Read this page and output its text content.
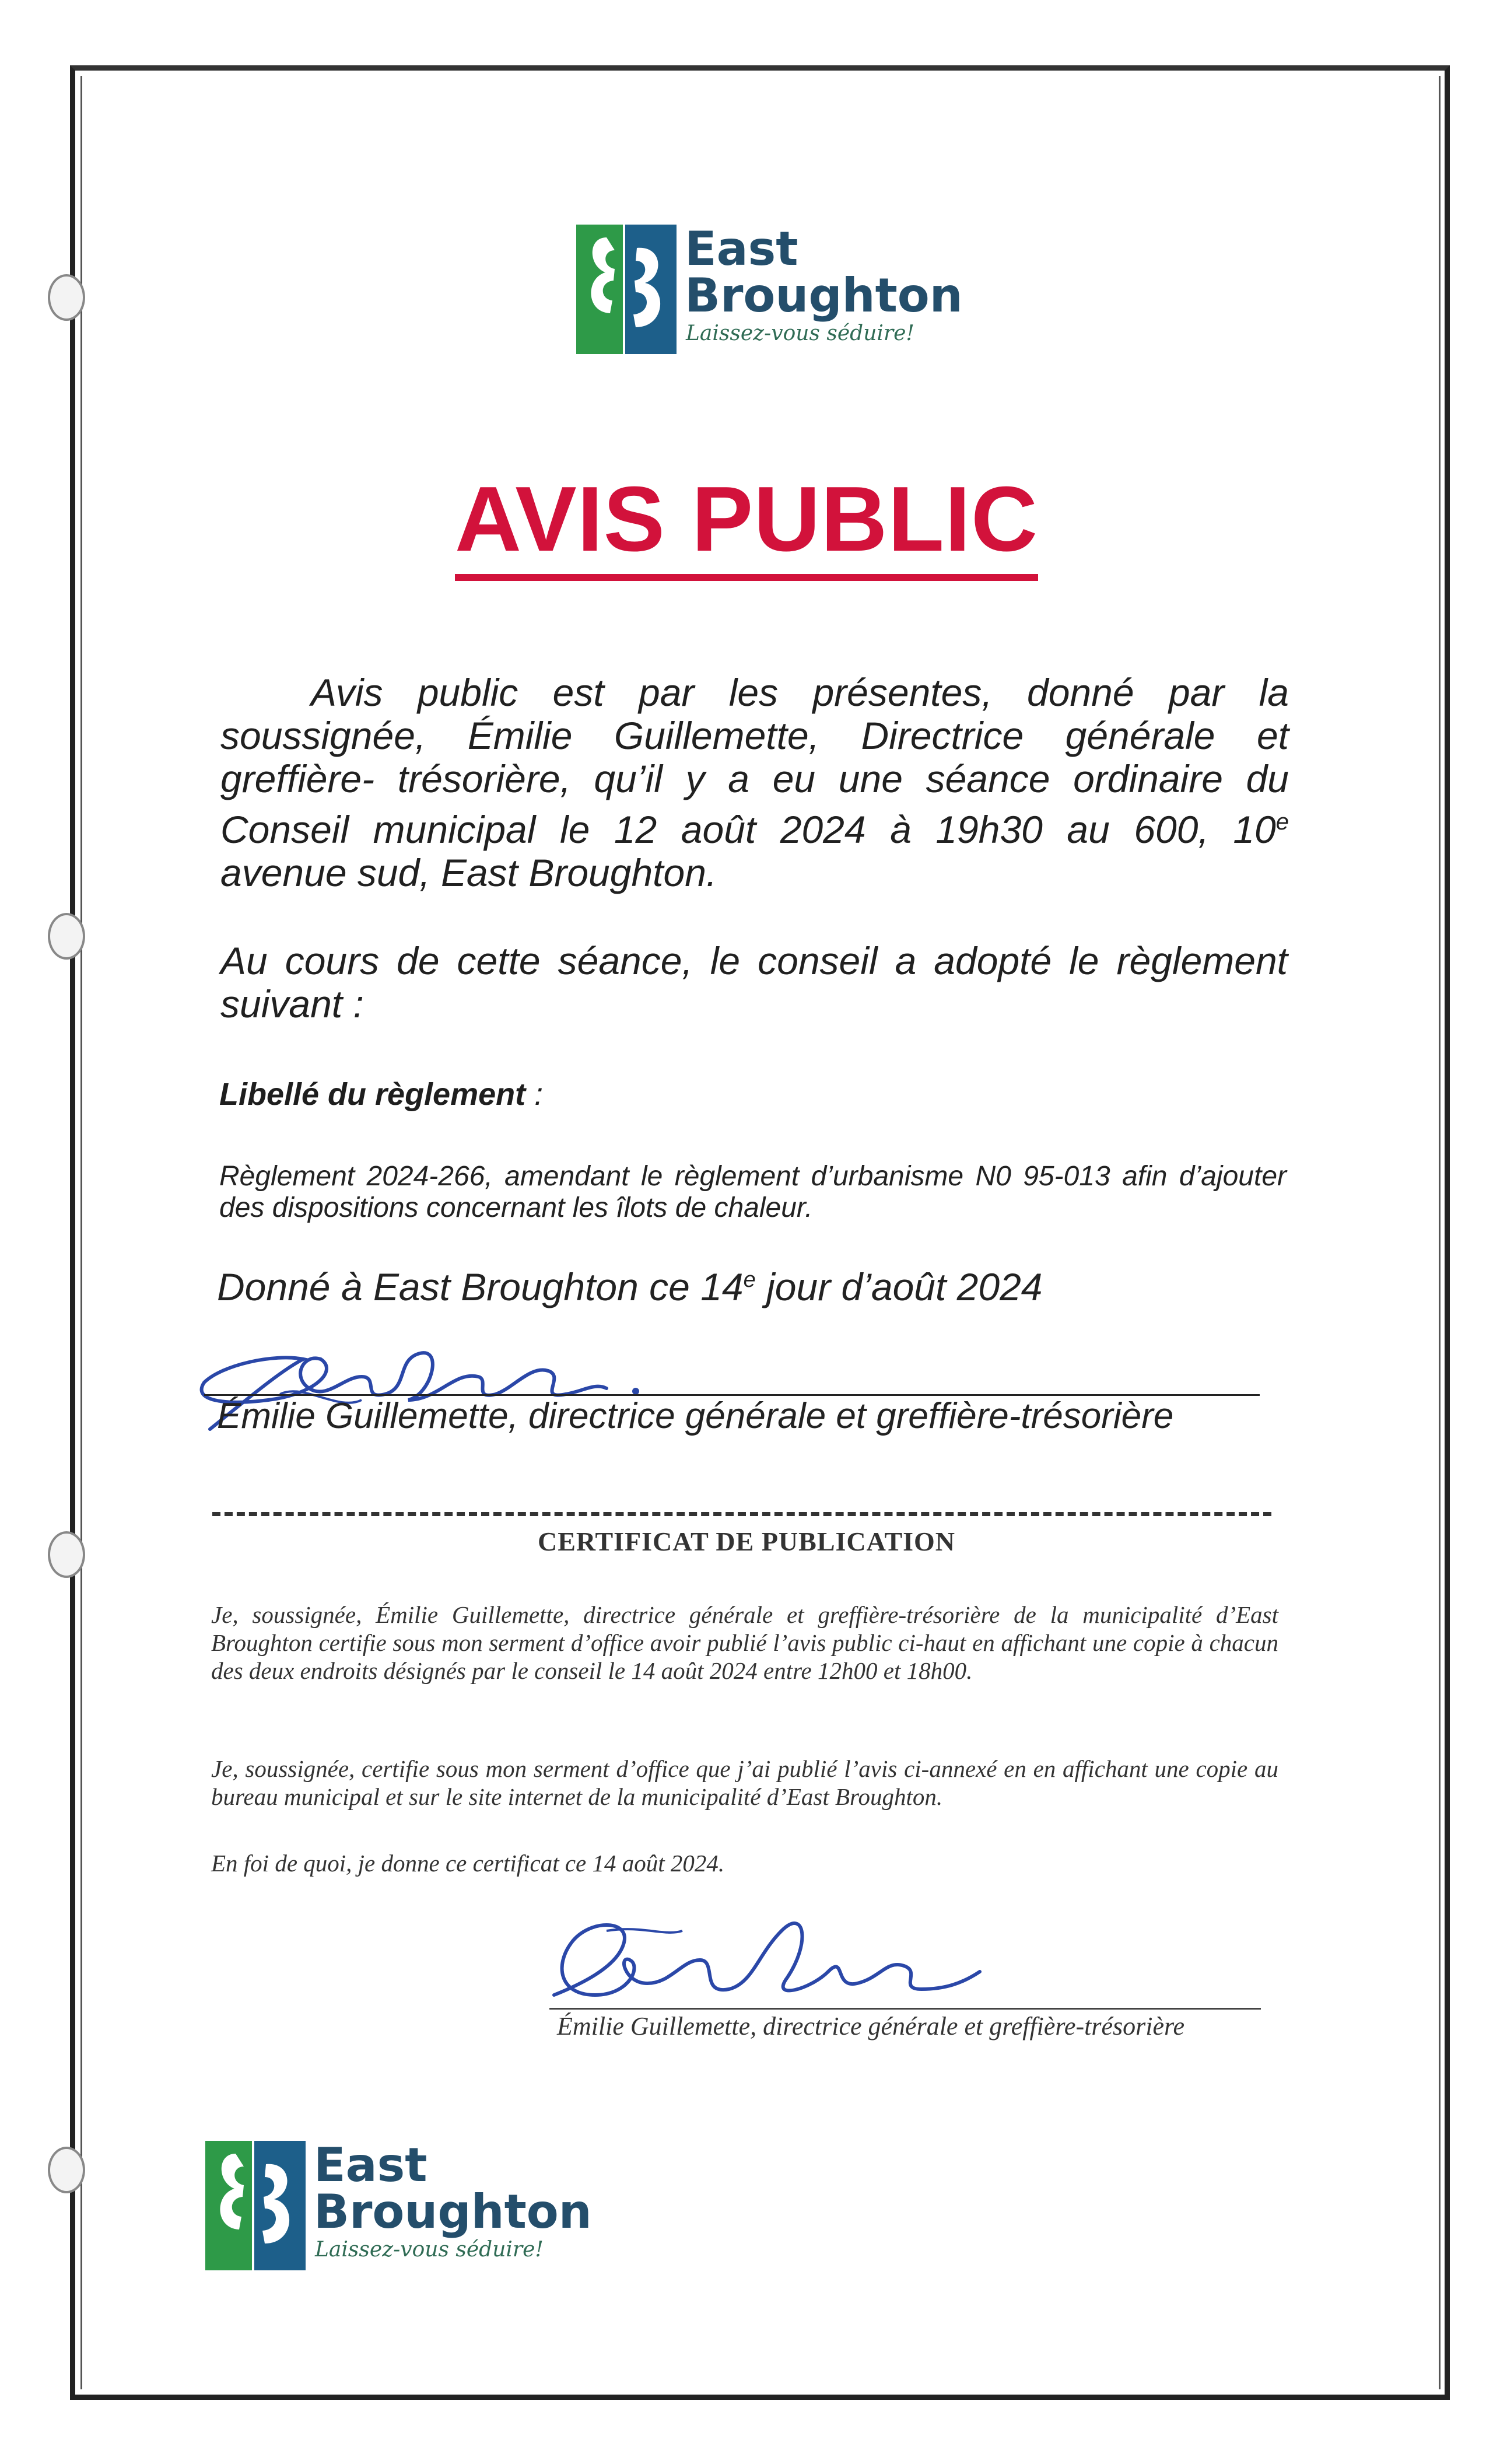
East
Broughton
Laissez-vous séduire!
AVIS PUBLIC
Avis public est par les présentes, donné par la soussignée, Émilie Guillemette, Directrice générale et greffière- trésorière, qu’il y a eu une séance ordinaire du Conseil municipal le 12 août 2024 à 19h30 au 600, 10e avenue sud, East Broughton.
Au cours de cette séance, le conseil a adopté le règlement suivant :
Libellé du règlement :
Règlement 2024-266, amendant le règlement d’urbanisme N0 95-013 afin d’ajouter des dispositions concernant les îlots de chaleur.
Donné à East Broughton ce 14e jour d’août 2024
Émilie Guillemette, directrice générale et greffière-trésorière
CERTIFICAT DE PUBLICATION
Je, soussignée, Émilie Guillemette, directrice générale et greffière-trésorière de la municipalité d’East Broughton certifie sous mon serment d’office avoir publié l’avis public ci-haut en affichant une copie à chacun des deux endroits désignés par le conseil le 14 août 2024 entre 12h00 et 18h00.
Je, soussignée, certifie sous mon serment d’office que j’ai publié l’avis ci-annexé en en affichant une copie au bureau municipal et sur le site internet de la municipalité d’East Broughton.
En foi de quoi, je donne ce certificat ce 14 août 2024.
Émilie Guillemette, directrice générale et greffière-trésorière
East
Broughton
Laissez-vous séduire!
